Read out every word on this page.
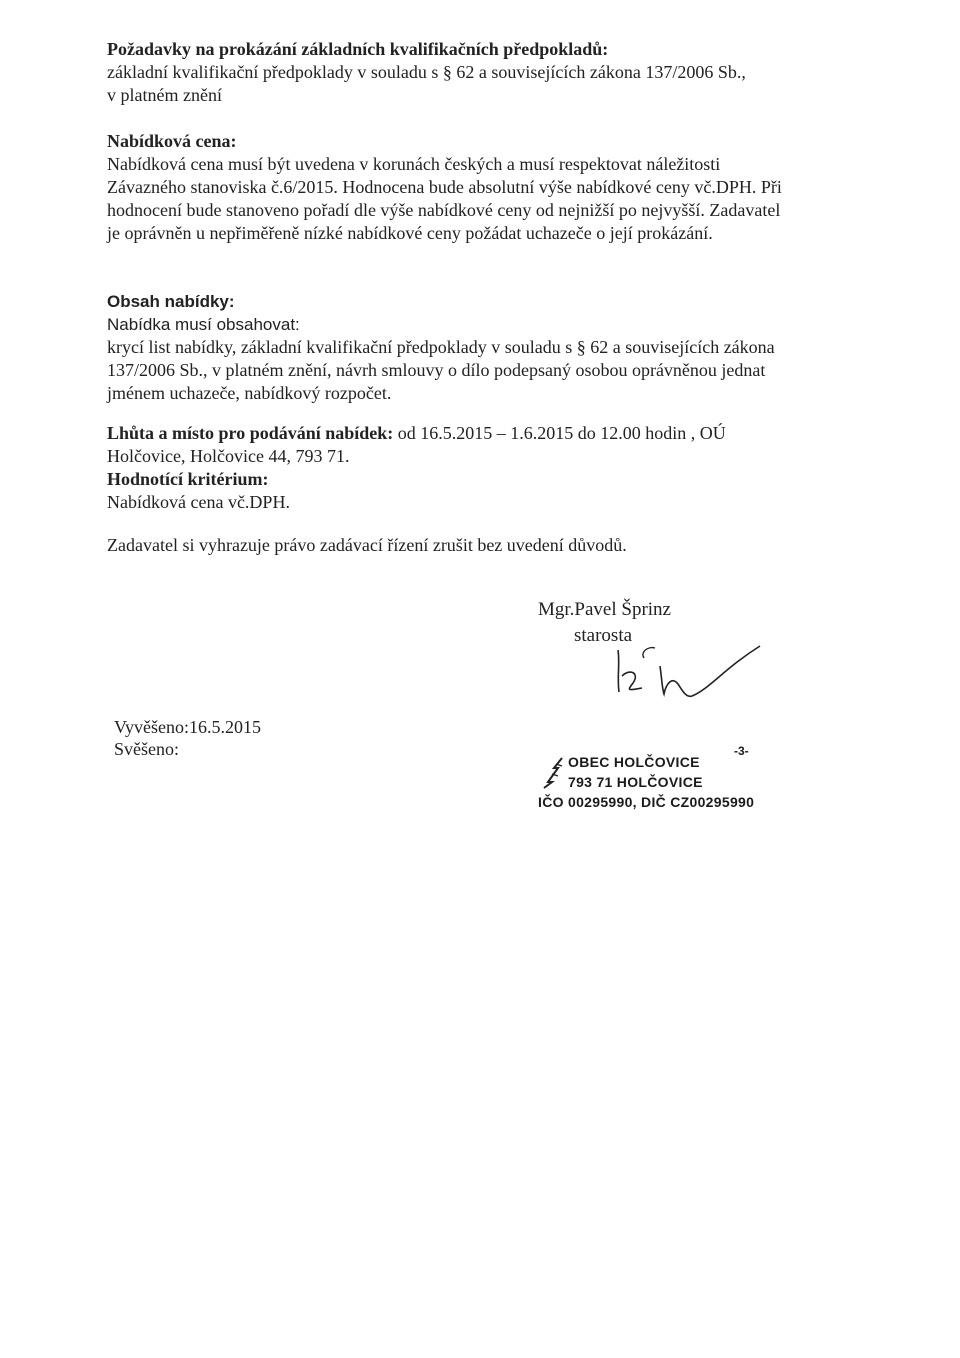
Požadavky na prokázání základních kvalifikačních předpokladů:
základní kvalifikační předpoklady v souladu s § 62 a souvisejících zákona 137/2006 Sb.,
v platném znění
Nabídková cena:
Nabídková cena musí být uvedena v korunách českých a musí respektovat náležitosti
Závazného stanoviska č.6/2015. Hodnocena bude absolutní výše nabídkové ceny vč.DPH. Při
hodnocení bude stanoveno pořadí dle výše nabídkové ceny od nejnižší po nejvyšší. Zadavatel
je oprávněn u nepřiměřeně nízké nabídkové ceny požádat uchazeče o její prokázání.
Obsah nabídky:
Nabídka musí obsahovat:
krycí list nabídky, základní kvalifikační předpoklady v souladu s § 62 a souvisejících zákona
137/2006 Sb., v platném znění, návrh smlouvy o dílo podepsaný osobou oprávněnou jednat
jménem uchazeče, nabídkový rozpočet.
Lhůta a místo pro podávání nabídek: od 16.5.2015 – 1.6.2015 do 12.00 hodin , OÚ
Holčovice, Holčovice 44, 793 71.
Hodnotící kritérium:
Nabídková cena vč.DPH.
Zadavatel si vyhrazuje právo zadávací řízení zrušit bez uvedení důvodů.
Mgr.Pavel Šprinz
starosta
Vyvěšeno:16.5.2015
Svěšeno:
OBEC HOLČOVICE
793 71 HOLČOVICE
IČO 00295990, DIČ CZ00295990
-3-
